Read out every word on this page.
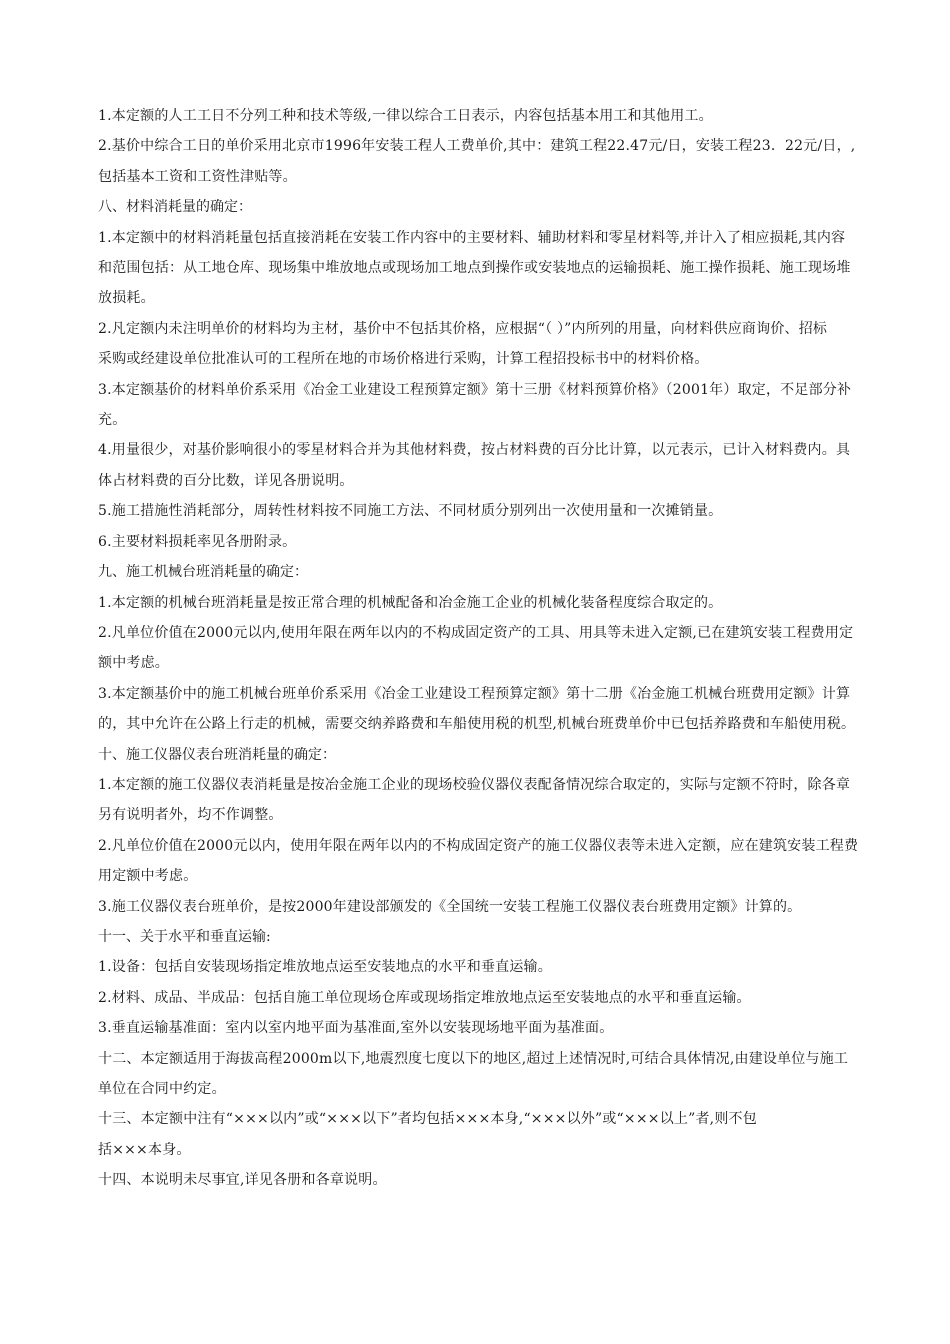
1.本定额的人工工日不分列工种和技术等级,一律以综合工日表示，内容包括基本用工和其他用工。
2.基价中综合工日的单价采用北京市1996年安装工程人工费单价,其中：建筑工程22.47元/日，安装工程23．22元/日，,
包括基本工资和工资性津贴等。
八、材料消耗量的确定：
1.本定额中的材料消耗量包括直接消耗在安装工作内容中的主要材料、辅助材料和零星材料等,并计入了相应损耗,其内容
和范围包括：从工地仓库、现场集中堆放地点或现场加工地点到操作或安装地点的运输损耗、施工操作损耗、施工现场堆
放损耗。
2.凡定额内未注明单价的材料均为主材，基价中不包括其价格，应根据“（ ）”内所列的用量，向材料供应商询价、招标
采购或经建设单位批准认可的工程所在地的市场价格进行采购，计算工程招投标书中的材料价格。
3.本定额基价的材料单价系采用《冶金工业建设工程预算定额》第十三册《材料预算价格》（2001年）取定，不足部分补
充。
4.用量很少，对基价影响很小的零星材料合并为其他材料费，按占材料费的百分比计算，以元表示，已计入材料费内。具
体占材料费的百分比数，详见各册说明。
5.施工措施性消耗部分，周转性材料按不同施工方法、不同材质分别列出一次使用量和一次摊销量。
6.主要材料损耗率见各册附录。
九、施工机械台班消耗量的确定：
1.本定额的机械台班消耗量是按正常合理的机械配备和冶金施工企业的机械化装备程度综合取定的。
2.凡单位价值在2000元以内,使用年限在两年以内的不构成固定资产的工具、用具等未进入定额,已在建筑安装工程费用定
额中考虑。
3.本定额基价中的施工机械台班单价系采用《冶金工业建设工程预算定额》第十二册《冶金施工机械台班费用定额》计算
的，其中允许在公路上行走的机械，需要交纳养路费和车船使用税的机型,机械台班费单价中已包括养路费和车船使用税。
十、施工仪器仪表台班消耗量的确定：
1.本定额的施工仪器仪表消耗量是按冶金施工企业的现场校验仪器仪表配备情况综合取定的，实际与定额不符时，除各章
另有说明者外，均不作调整。
2.凡单位价值在2000元以内，使用年限在两年以内的不构成固定资产的施工仪器仪表等未进入定额，应在建筑安装工程费
用定额中考虑。
3.施工仪器仪表台班单价，是按2000年建设部颁发的《全国统一安装工程施工仪器仪表台班费用定额》计算的。
十一、关于水平和垂直运输:
1.设备：包括自安装现场指定堆放地点运至安装地点的水平和垂直运输。
2.材料、成品、半成品：包括自施工单位现场仓库或现场指定堆放地点运至安装地点的水平和垂直运输。
3.垂直运输基准面：室内以室内地平面为基准面,室外以安装现场地平面为基准面。
十二、本定额适用于海拔高程2000m以下,地震烈度七度以下的地区,超过上述情况时,可结合具体情况,由建设单位与施工
单位在合同中约定。
十三、本定额中注有“×××以内”或“×××以下”者均包括×××本身,“×××以外”或“×××以上”者,则不包
括×××本身。
十四、本说明未尽事宜,详见各册和各章说明。
